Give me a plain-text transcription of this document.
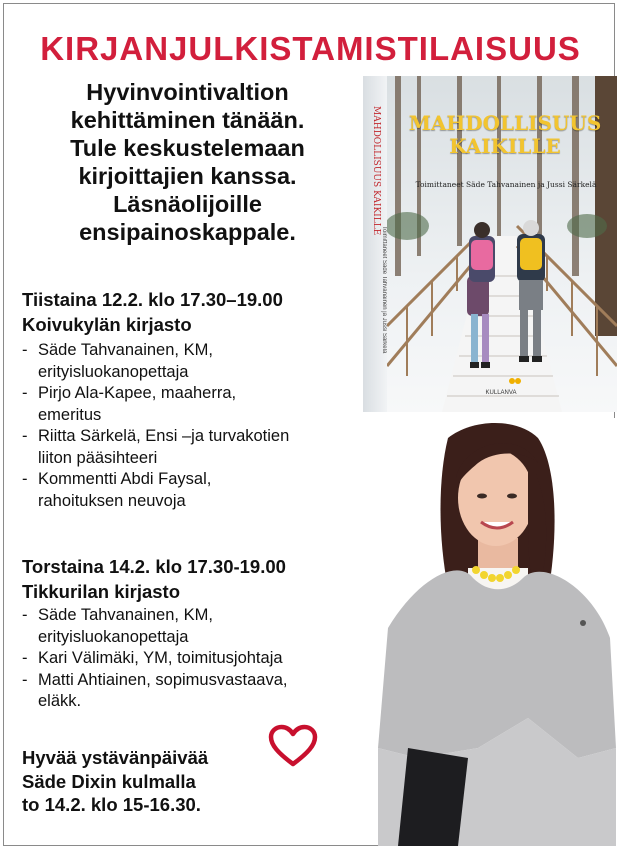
KIRJANJULKISTAMISTILAISUUS
Hyvinvointivaltion
kehittäminen tänään.
Tule keskustelemaan
kirjoittajien kanssa.
Läsnäolijoille
ensipainoskappale.	MAHDOLLISUUS KAIKILLE
Toimittaneet Säde Tahvanainen ja Jussi Särkelä
MAHDOLLISUUS
KAIKILLE
Toimittaneet Säde Tahvanainen ja Jussi Särkelä
KULLANVA
Tiistaina 12.2. klo 17.30–19.00
Koivukylän kirjasto
- Säde Tahvanainen, KM,
erityisluokanopettaja
- Pirjo Ala-Kapee, maaherra,
emeritus
- Riitta Särkelä, Ensi –ja turvakotien
liiton pääsihteeri
- Kommentti Abdi Faysal,
rahoituksen neuvoja
Torstaina 14.2. klo 17.30-19.00
Tikkurilan kirjasto
- Säde Tahvanainen, KM,
erityisluokanopettaja
- Kari Välimäki, YM, toimitusjohtaja
- Matti Ahtiainen, sopimusvastaava,
eläkk.
Hyvää ystävänpäivää
Säde Dixin kulmalla
to 14.2. klo 15-16.30.
